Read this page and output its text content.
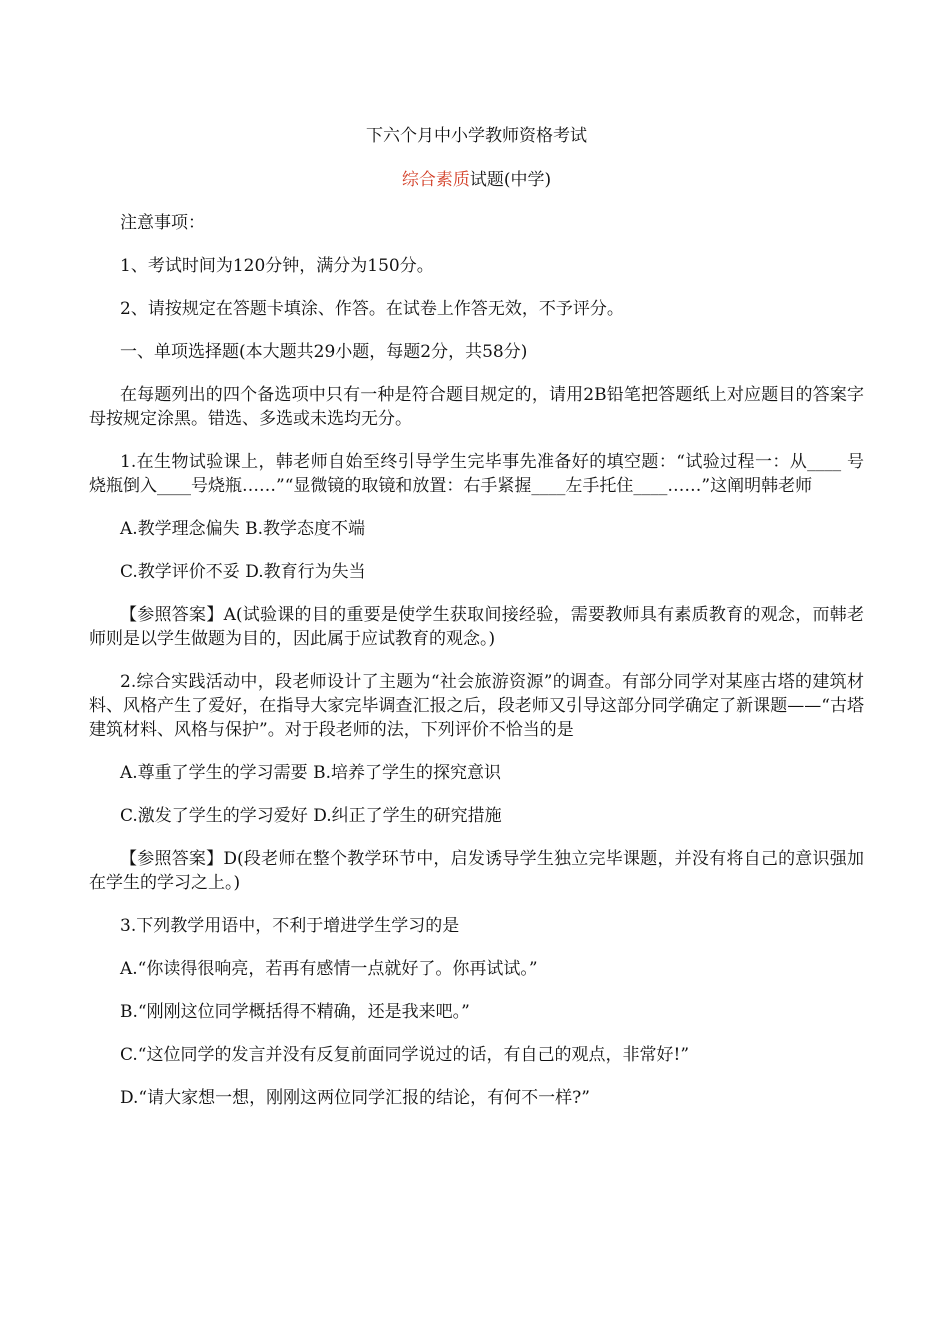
下六个月中小学教师资格考试
综合素质试题(中学)

注意事项：

1、考试时间为120分钟，满分为150分。

2、请按规定在答题卡填涂、作答。在试卷上作答无效，不予评分。

一、单项选择题(本大题共29小题，每题2分，共58分)

在每题列出的四个备选项中只有一种是符合题目规定的，请用2B铅笔把答题纸上对应题目的答案字母按规定涂黑。错选、多选或未选均无分。

1.在生物试验课上，韩老师自始至终引导学生完毕事先准备好的填空题：“试验过程一：从____ 号烧瓶倒入____号烧瓶……”“显微镜的取镜和放置：右手紧握____左手托住____……”这阐明韩老师

A.教学理念偏失 B.教学态度不端

C.教学评价不妥 D.教育行为失当

【参照答案】A(试验课的目的重要是使学生获取间接经验，需要教师具有素质教育的观念，而韩老师则是以学生做题为目的，因此属于应试教育的观念。)

2.综合实践活动中，段老师设计了主题为“社会旅游资源”的调查。有部分同学对某座古塔的建筑材料、风格产生了爱好，在指导大家完毕调查汇报之后，段老师又引导这部分同学确定了新课题——“古塔建筑材料、风格与保护”。对于段老师的法，下列评价不恰当的是

A.尊重了学生的学习需要 B.培养了学生的探究意识

C.激发了学生的学习爱好 D.纠正了学生的研究措施

【参照答案】D(段老师在整个教学环节中，启发诱导学生独立完毕课题，并没有将自己的意识强加在学生的学习之上。)

3.下列教学用语中，不利于增进学生学习的是

A.“你读得很响亮，若再有感情一点就好了。你再试试。”

B.“刚刚这位同学概括得不精确，还是我来吧。”

C.“这位同学的发言并没有反复前面同学说过的话，有自己的观点，非常好!”

D.“请大家想一想，刚刚这两位同学汇报的结论，有何不一样?”
